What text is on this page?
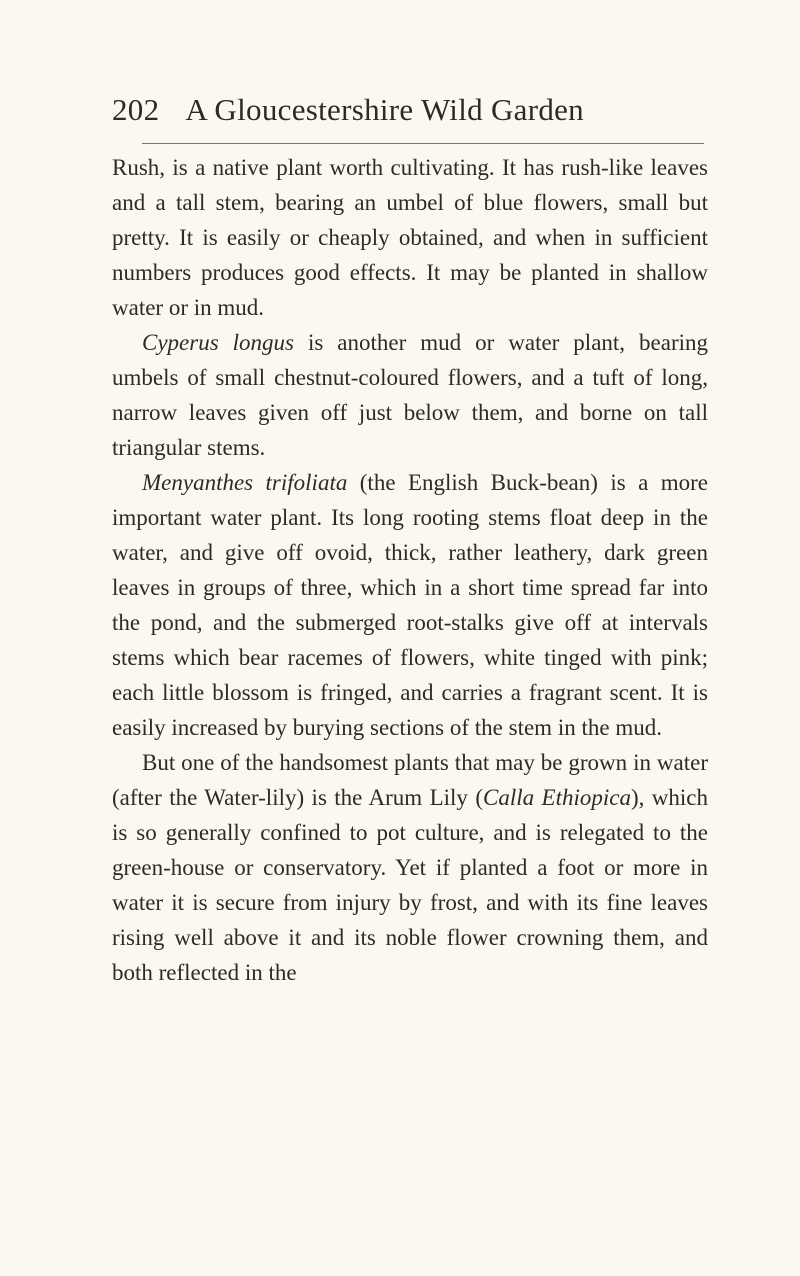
202 A Gloucestershire Wild Garden

Rush, is a native plant worth cultivating. It has rush-like leaves and a tall stem, bearing an umbel of blue flowers, small but pretty. It is easily or cheaply obtained, and when in sufficient numbers produces good effects. It may be planted in shallow water or in mud.

Cyperus longus is another mud or water plant, bearing umbels of small chestnut-coloured flowers, and a tuft of long, narrow leaves given off just below them, and borne on tall triangular stems.

Menyanthes trifoliata (the English Buck-bean) is a more important water plant. Its long rooting stems float deep in the water, and give off ovoid, thick, rather leathery, dark green leaves in groups of three, which in a short time spread far into the pond, and the submerged root-stalks give off at intervals stems which bear racemes of flowers, white tinged with pink; each little blossom is fringed, and carries a fragrant scent. It is easily increased by burying sections of the stem in the mud.

But one of the handsomest plants that may be grown in water (after the Water-lily) is the Arum Lily (Calla Ethiopica), which is so generally confined to pot culture, and is relegated to the green-house or conservatory. Yet if planted a foot or more in water it is secure from injury by frost, and with its fine leaves rising well above it and its noble flower crowning them, and both reflected in the
